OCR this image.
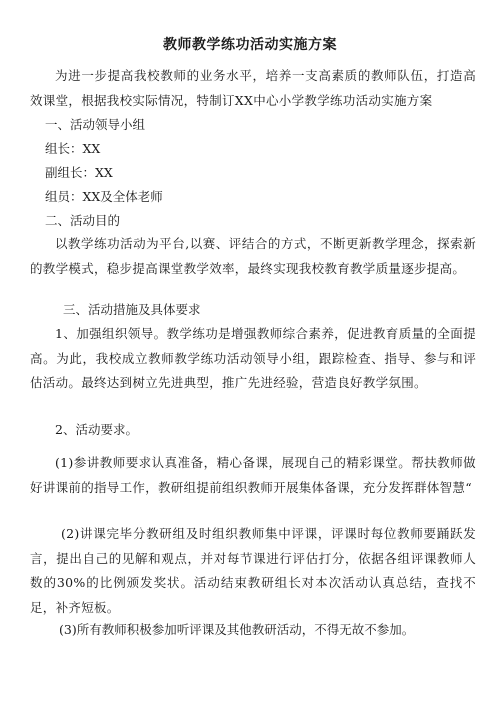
教师教学练功活动实施方案
为进一步提高我校教师的业务水平，培养一支高素质的教师队伍，打造高效课堂，根据我校实际情况，特制订XX中心小学教学练功活动实施方案
一、活动领导小组
组长：XX
副组长：XX
组员：XX及全体老师
二、活动目的
以教学练功活动为平台,以赛、评结合的方式，不断更新教学理念，探索新的教学模式，稳步提高课堂教学效率，最终实现我校教育教学质量逐步提高。
三、活动措施及具体要求
1、加强组织领导。教学练功是增强教师综合素养，促进教育质量的全面提高。为此，我校成立教师教学练功活动领导小组，跟踪检查、指导、参与和评估活动。最终达到树立先进典型，推广先进经验，营造良好教学氛围。
2、活动要求。
(1)参讲教师要求认真准备，精心备课，展现自己的精彩课堂。帮扶教师做好讲课前的指导工作，教研组提前组织教师开展集体备课，充分发挥群体智慧“
(2)讲课完毕分教研组及时组织教师集中评课，评课时每位教师要踊跃发言，提出自己的见解和观点，并对每节课进行评估打分，依据各组评课教师人数的30%的比例颁发奖状。活动结束教研组长对本次活动认真总结，查找不足，补齐短板。
(3)所有教师积极参加听评课及其他教研活动，不得无故不参加。
